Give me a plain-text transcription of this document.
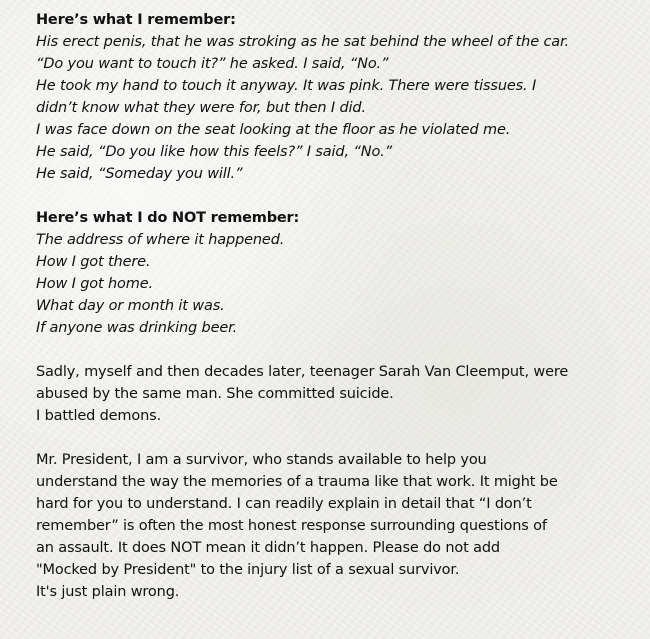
Here’s what I remember:

His erect penis, that he was stroking as he sat behind the wheel of the car.

“Do you want to touch it?” he asked. I said, “No.”

He took my hand to touch it anyway. It was pink. There were tissues. I

didn’t know what they were for, but then I did.

I was face down on the seat looking at the floor as he violated me.

He said, “Do you like how this feels?” I said, “No.”

He said, “Someday you will.”

Here’s what I do NOT remember:

The address of where it happened.

How I got there.

How I got home.

What day or month it was.

If anyone was drinking beer.

Sadly, myself and then decades later, teenager Sarah Van Cleemput, were

abused by the same man. She committed suicide.

I battled demons.

Mr. President, I am a survivor, who stands available to help you

understand the way the memories of a trauma like that work. It might be

hard for you to understand. I can readily explain in detail that “I don’t

remember” is often the most honest response surrounding questions of

an assault. It does NOT mean it didn’t happen. Please do not add

"Mocked by President" to the injury list of a sexual survivor.

It's just plain wrong.
